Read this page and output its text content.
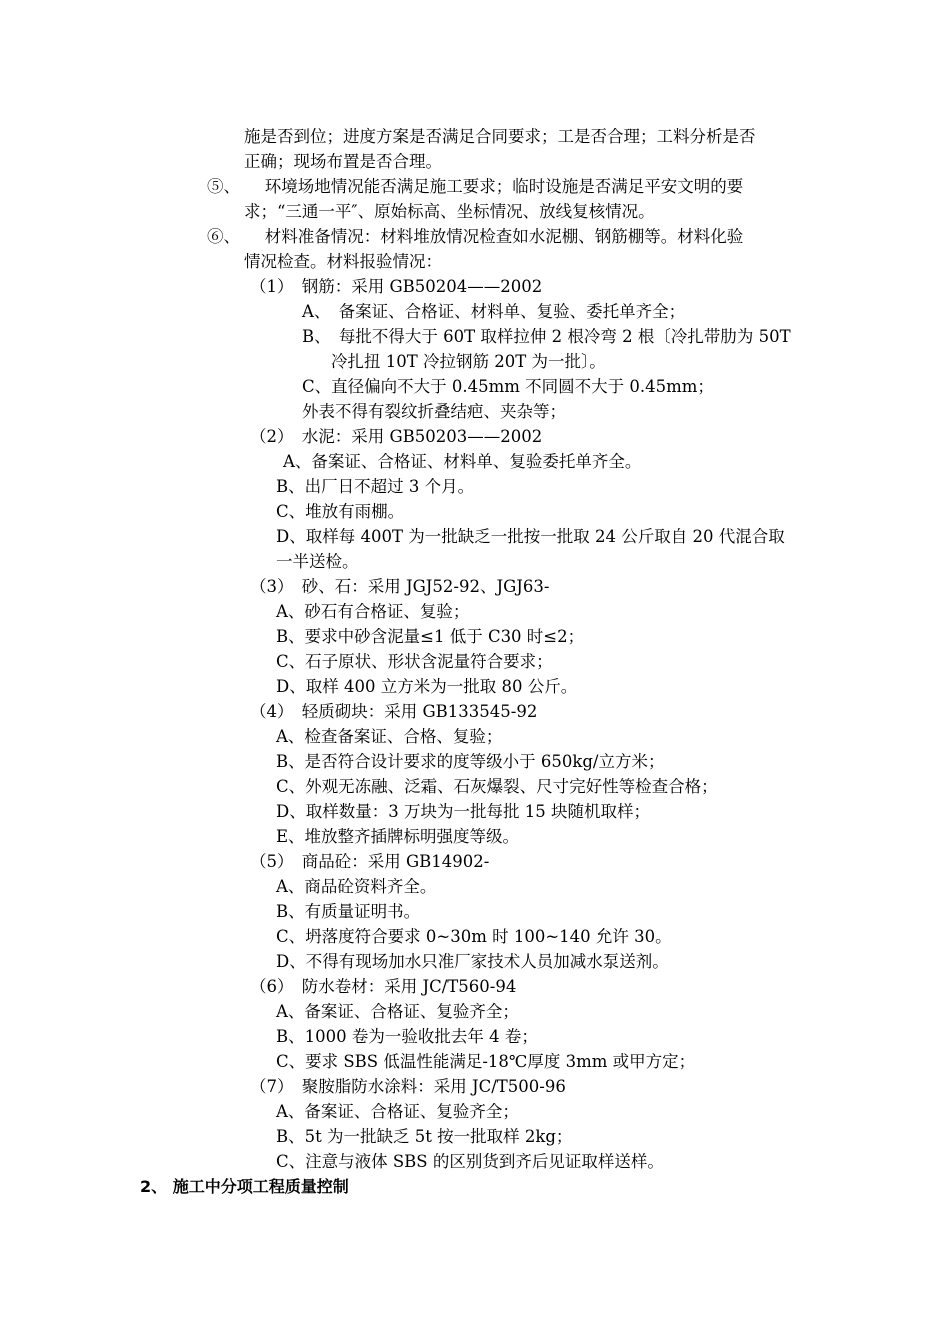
施是否到位；进度方案是否满足合同要求；工是否合理；工料分析是否
正确；现场布置是否合理。
⑤、　　环境场地情况能否满足施工要求；临时设施是否满足平安文明的要
求；“三通一平″、原始标高、坐标情况、放线复核情况。
⑥、　　材料准备情况：材料堆放情况检查如水泥棚、钢筋棚等。材料化验
情况检查。材料报验情况：
（1）　钢筋：采用 GB50204——2002
A、　备案证、合格证、材料单、复验、委托单齐全；
B、　每批不得大于 60T 取样拉伸 2 根冷弯 2 根〔冷扎带肋为 50T
冷扎扭 10T 冷拉钢筋 20T 为一批〕。
C、直径偏向不大于 0.45mm 不同圆不大于 0.45mm；
外表不得有裂纹折叠结疤、夹杂等；
（2）　水泥：采用 GB50203——2002
A、备案证、合格证、材料单、复验委托单齐全。
B、出厂日不超过 3 个月。
C、堆放有雨棚。
D、取样每 400T 为一批缺乏一批按一批取 24 公斤取自 20 代混合取
一半送检。
（3）　砂、石：采用 JGJ52-92、JGJ63-
A、砂石有合格证、复验；
B、要求中砂含泥量≤1 低于 C30 时≤2；
C、石子原状、形状含泥量符合要求；
D、取样 400 立方米为一批取 80 公斤。
（4）　轻质砌块：采用 GB133545-92
A、检查备案证、合格、复验；
B、是否符合设计要求的度等级小于 650kg/立方米；
C、外观无冻融、泛霜、石灰爆裂、尺寸完好性等检查合格；
D、取样数量：3 万块为一批每批 15 块随机取样；
E、堆放整齐插牌标明强度等级。
（5）　商品砼：采用 GB14902-
A、商品砼资料齐全。
B、有质量证明书。
C、坍落度符合要求 0~30m 时 100~140 允许 30。
D、不得有现场加水只准厂家技术人员加减水泵送剂。
（6）　防水卷材：采用 JC/T560-94
A、备案证、合格证、复验齐全；
B、1000 卷为一验收批去年 4 卷；
C、要求 SBS 低温性能满足-18℃厚度 3mm 或甲方定；
（7）　聚胺脂防水涂料：采用 JC/T500-96
A、备案证、合格证、复验齐全；
B、5t 为一批缺乏 5t 按一批取样 2kg；
C、注意与液体 SBS 的区别货到齐后见证取样送样。
2、 施工中分项工程质量控制
